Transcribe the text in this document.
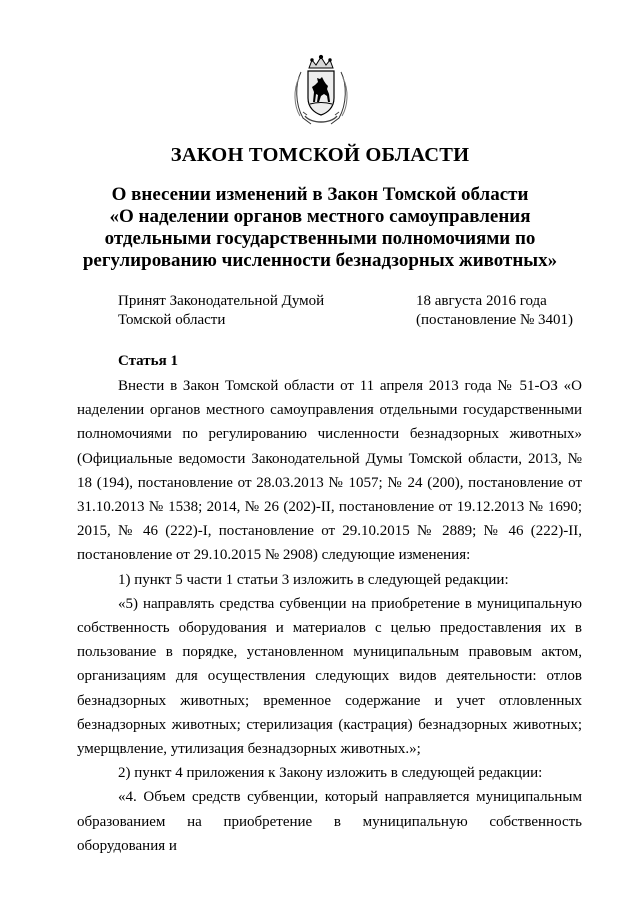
ЗАКОН ТОМСКОЙ ОБЛАСТИ
О внесении изменений в Закон Томской области
«О наделении органов местного самоуправления
отдельными государственными полномочиями по
регулированию численности безнадзорных животных»
Принят Законодательной Думой
Томской области
18 августа 2016 года
(постановление № 3401)
Статья 1

Внести в Закон Томской области от 11 апреля 2013 года № 51-ОЗ «О наделении органов местного самоуправления отдельными государственными полномочиями по регулированию численности безнадзорных животных» (Официальные ведомости Законодательной Думы Томской области, 2013, № 18 (194), постановление от 28.03.2013 № 1057; № 24 (200), постановление от 31.10.2013 № 1538; 2014, № 26 (202)-II, постановление от 19.12.2013 № 1690; 2015, № 46 (222)-I, постановление от 29.10.2015 № 2889; № 46 (222)-II, постановление от 29.10.2015 № 2908) следующие изменения:

1) пункт 5 части 1 статьи 3 изложить в следующей редакции:

«5) направлять средства субвенции на приобретение в муниципальную собственность оборудования и материалов с целью предоставления их в пользование в порядке, установленном муниципальным правовым актом, организациям для осуществления следующих видов деятельности: отлов безнадзорных животных; временное содержание и учет отловленных безнадзорных животных; стерилизация (кастрация) безнадзорных животных; умерщвление, утилизация безнадзорных животных.»;

2) пункт 4 приложения к Закону изложить в следующей редакции:

«4. Объем средств субвенции, который направляется муниципальным образованием на приобретение в муниципальную собственность оборудования и
